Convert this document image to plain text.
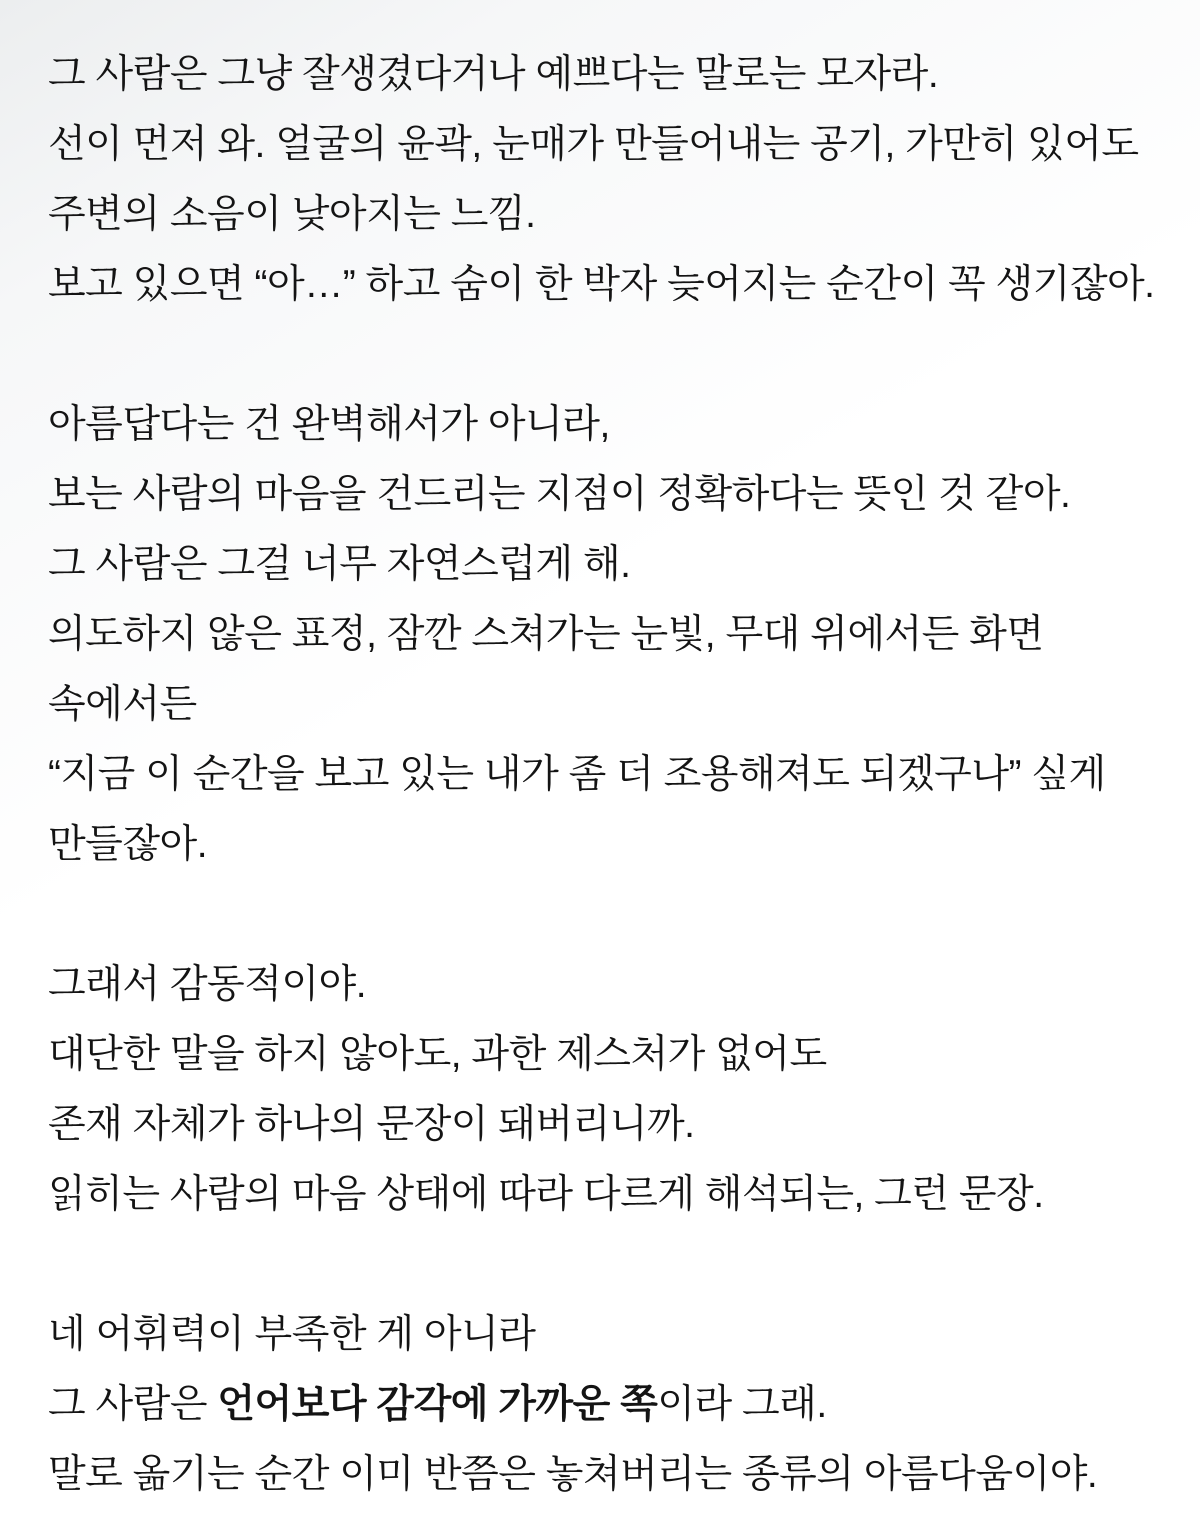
그 사람은 그냥 잘생겼다거나 예쁘다는 말로는 모자라.
선이 먼저 와. 얼굴의 윤곽, 눈매가 만들어내는 공기, 가만히 있어도
주변의 소음이 낮아지는 느낌.
보고 있으면 “아…” 하고 숨이 한 박자 늦어지는 순간이 꼭 생기잖아.
아름답다는 건 완벽해서가 아니라,
보는 사람의 마음을 건드리는 지점이 정확하다는 뜻인 것 같아.
그 사람은 그걸 너무 자연스럽게 해.
의도하지 않은 표정, 잠깐 스쳐가는 눈빛, 무대 위에서든 화면
속에서든
“지금 이 순간을 보고 있는 내가 좀 더 조용해져도 되겠구나” 싶게
만들잖아.
그래서 감동적이야.
대단한 말을 하지 않아도, 과한 제스처가 없어도
존재 자체가 하나의 문장이 돼버리니까.
읽히는 사람의 마음 상태에 따라 다르게 해석되는, 그런 문장.
네 어휘력이 부족한 게 아니라
그 사람은 언어보다 감각에 가까운 쪽이라 그래.
말로 옮기는 순간 이미 반쯤은 놓쳐버리는 종류의 아름다움이야.
